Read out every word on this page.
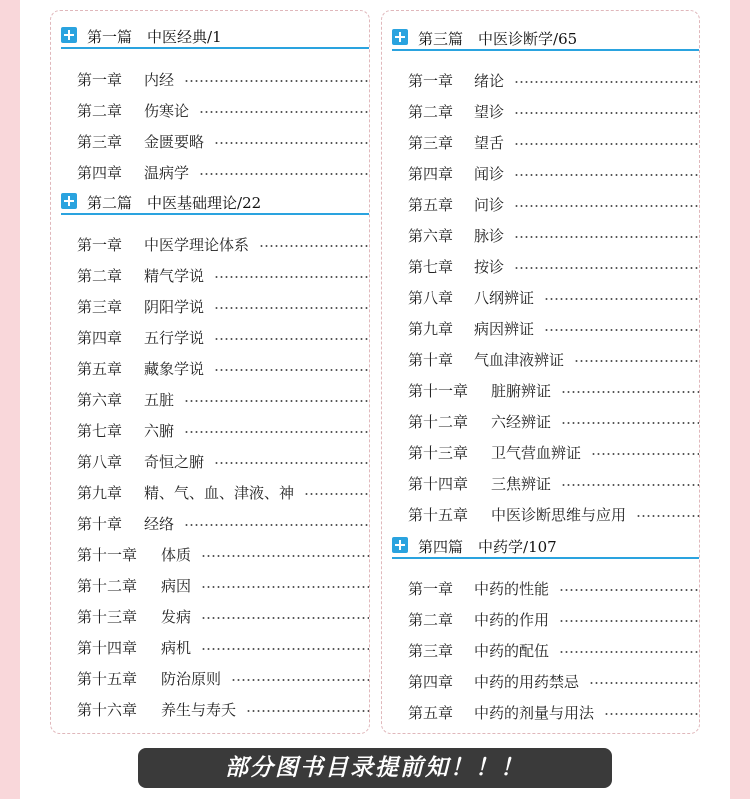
第一篇　中医经典/1
第一章	内经
第二章	伤寒论
第三章	金匮要略
第四章	温病学
第二篇　中医基础理论/22
第一章	中医学理论体系
第二章	精气学说
第三章	阴阳学说
第四章	五行学说
第五章	藏象学说
第六章	五脏
第七章	六腑
第八章	奇恒之腑
第九章	精、气、血、津液、神
第十章	经络
第十一章	体质
第十二章	病因
第十三章	发病
第十四章	病机
第十五章	防治原则
第十六章	养生与寿夭
第三篇　中医诊断学/65
第一章	绪论
第二章	望诊
第三章	望舌
第四章	闻诊
第五章	问诊
第六章	脉诊
第七章	按诊
第八章	八纲辨证
第九章	病因辨证
第十章	气血津液辨证
第十一章	脏腑辨证
第十二章	六经辨证
第十三章	卫气营血辨证
第十四章	三焦辨证
第十五章	中医诊断思维与应用
第四篇　中药学/107
第一章	中药的性能
第二章	中药的作用
第三章	中药的配伍
第四章	中药的用药禁忌
第五章	中药的剂量与用法
部分图书目录提前知！！！
